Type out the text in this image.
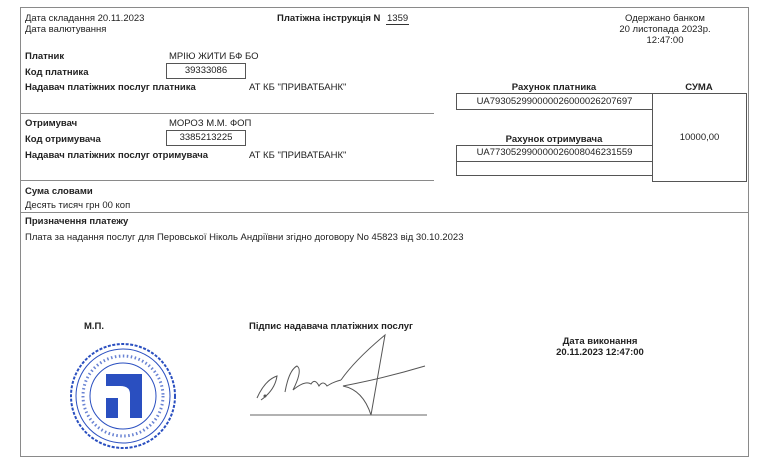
Дата складання 20.11.2023
Дата валютування
Платіжна інструкція N 1359	Одержано банком
20 листопада 2023р.
12:47:00
Платник	МРІЮ ЖИТИ БФ БО
Код платника	39333086
Надавач платіжних послуг платника	АТ КБ "ПРИВАТБАНК"	Рахунок платника	СУМА
UA793052990000026000026207697
10000,00
Отримувач	МОРОЗ М.М. ФОП
Код отримувача	3385213225
Надавач платіжних послуг отримувача	АТ КБ "ПРИВАТБАНК"
Рахунок отримувача
UA773052990000026008046231559
Сума словами
Десять тисяч грн 00 коп
Призначення платежу
Плата за надання послуг для Перовської Ніколь Андріївни згідно договору No 45823 від 30.10.2023
М.П.	Підпис надавача платіжних послуг
Дата виконання
20.11.2023 12:47:00
